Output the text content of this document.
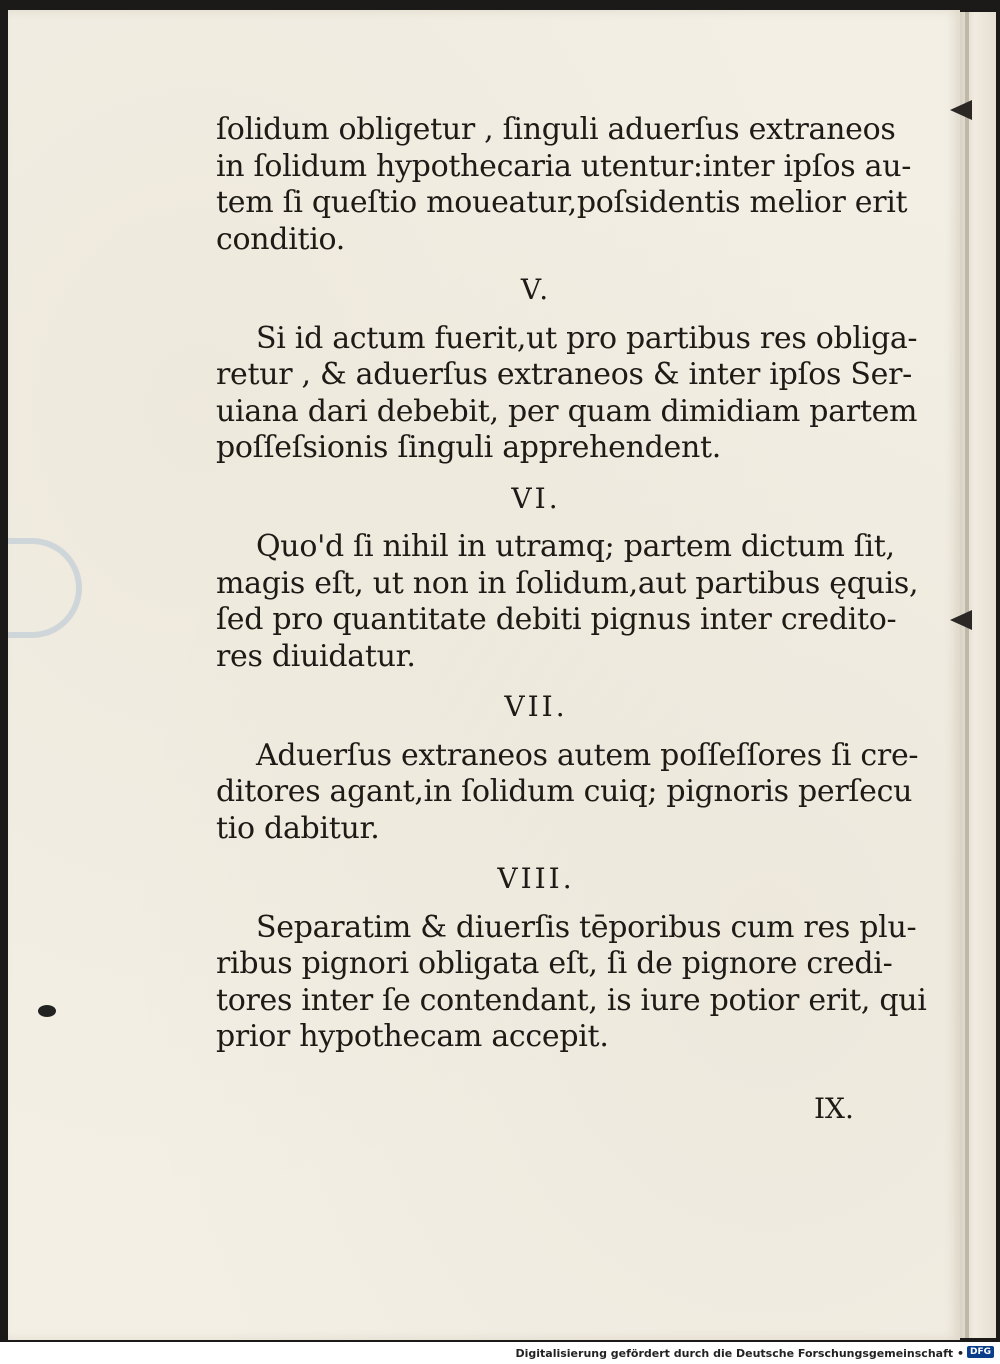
ſolidum obligetur , ſinguli aduerſus extraneos
in ſolidum hypothecaria utentur:inter ipſos au‐
tem ſi queſtio moueatur,poſsidentis melior erit
conditio.
V.
Si id actum fuerit,ut pro partibus res obliga‐
retur , & aduerſus extraneos & inter ipſos Ser‐
uiana dari debebit, per quam dimidiam partem
poſſeſsionis ſinguli apprehendent.
VI.
Quo'd ſi nihil in utramq; partem dictum ſit,
magis eſt, ut non in ſolidum,aut partibus ęquis,
ſed pro quantitate debiti pignus inter credito‐
res diuidatur.
VII.
Aduerſus extraneos autem poſſeſſores ſi cre‐
ditores agant,in ſolidum cuiq; pignoris perſecu
tio dabitur.
VIII.
Separatim & diuerſis tēporibus cum res plu‐
ribus pignori obligata eſt, ſi de pignore credi‐
tores inter ſe contendant, is iure potior erit, qui
prior hypothecam accepit.
IX.
Digitalisierung gefördert durch die Deutsche Forschungsgemeinschaft • DFG
